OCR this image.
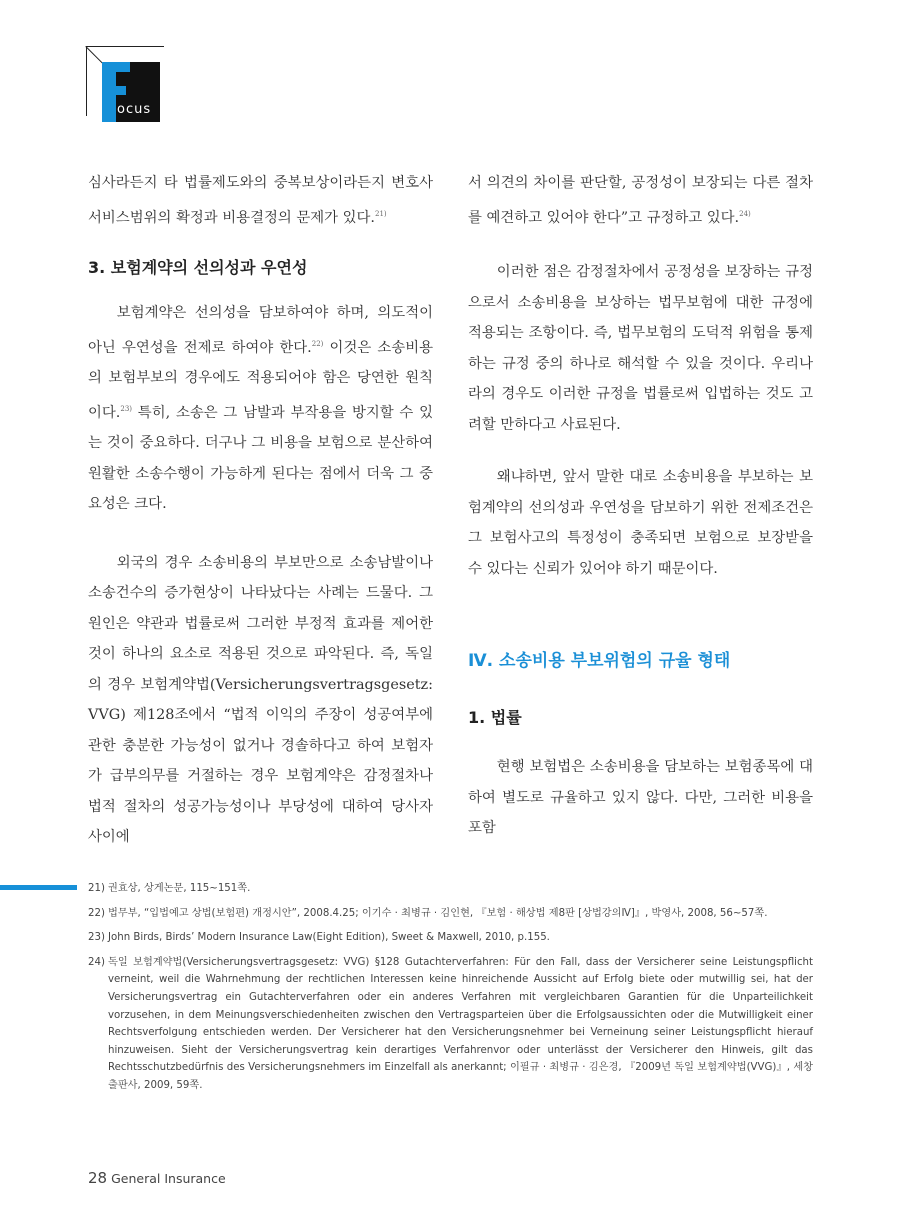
ocus

심사라든지 타 법률제도와의 중복보상이라든지 변호사 서비스범위의 확정과 비용결정의 문제가 있다.$^{21)}$

3. 보험계약의 선의성과 우연성

보험계약은 선의성을 담보하여야 하며, 의도적이 아닌 우연성을 전제로 하여야 한다.$^{22)}$ 이것은 소송비용의 보험부보의 경우에도 적용되어야 함은 당연한 원칙이다.$^{23)}$ 특히, 소송은 그 남발과 부작용을 방지할 수 있는 것이 중요하다. 더구나 그 비용을 보험으로 분산하여 원활한 소송수행이 가능하게 된다는 점에서 더욱 그 중요성은 크다.

외국의 경우 소송비용의 부보만으로 소송남발이나 소송건수의 증가현상이 나타났다는 사례는 드물다. 그 원인은 약관과 법률로써 그러한 부정적 효과를 제어한 것이 하나의 요소로 적용된 것으로 파악된다. 즉, 독일의 경우 보험계약법(Versicherungsvertragsgesetz: VVG) 제128조에서 “법적 이익의 주장이 성공여부에 관한 충분한 가능성이 없거나 경솔하다고 하여 보험자가 급부의무를 거절하는 경우 보험계약은 감정절차나 법적 절차의 성공가능성이나 부당성에 대하여 당사자 사이에

서 의견의 차이를 판단할, 공정성이 보장되는 다른 절차를 예견하고 있어야 한다”고 규정하고 있다.$^{24)}$

이러한 점은 감정절차에서 공정성을 보장하는 규정으로서 소송비용을 보상하는 법무보험에 대한 규정에 적용되는 조항이다. 즉, 법무보험의 도덕적 위험을 통제하는 규정 중의 하나로 해석할 수 있을 것이다. 우리나라의 경우도 이러한 규정을 법률로써 입법하는 것도 고려할 만하다고 사료된다.

왜냐하면, 앞서 말한 대로 소송비용을 부보하는 보험계약의 선의성과 우연성을 담보하기 위한 전제조건은 그 보험사고의 특정성이 충족되면 보험으로 보장받을 수 있다는 신뢰가 있어야 하기 때문이다.

Ⅳ. 소송비용 부보위험의 규율 형태
1. 법률

현행 보험법은 소송비용을 담보하는 보험종목에 대하여 별도로 규율하고 있지 않다. 다만, 그러한 비용을 포함

21) 권효상, 상게논문, 115~151쪽.

22) 법무부, “입법예고 상법(보험편) 개정시안”, 2008.4.25; 이기수 · 최병규 · 김인현, 『보험 · 해상법 제8판 [상법강의Ⅳ]』, 박영사, 2008, 56~57쪽.

23) John Birds, Birds’ Modern Insurance Law(Eight Edition), Sweet & Maxwell, 2010, p.155.

24) 독일 보험계약법(Versicherungsvertragsgesetz: VVG) §128 Gutachterverfahren: Für den Fall, dass der Versicherer seine Leistungspflicht verneint, weil die Wahrnehmung der rechtlichen Interessen keine hinreichende Aussicht auf Erfolg biete oder mutwillig sei, hat der Versicherungsvertrag ein Gutachterverfahren oder ein anderes Verfahren mit vergleichbaren Garantien für die Unparteilichkeit vorzusehen, in dem Meinungsverschiedenheiten zwischen den Vertragsparteien über die Erfolgsaussichten oder die Mutwilligkeit einer Rechtsverfolgung entschieden werden. Der Versicherer hat den Versicherungsnehmer bei Verneinung seiner Leistungspflicht hierauf hinzuweisen. Sieht der Versicherungsvertrag kein derartiges Verfahrenvor oder unterlässt der Versicherer den Hinweis, gilt das Rechtsschutzbedürfnis des Versicherungsnehmers im Einzelfall als anerkannt; 이필규 · 최병규 · 김은경, 『2009년 독일 보험계약법(VVG)』, 세창출판사, 2009, 59쪽.

28 General Insurance
